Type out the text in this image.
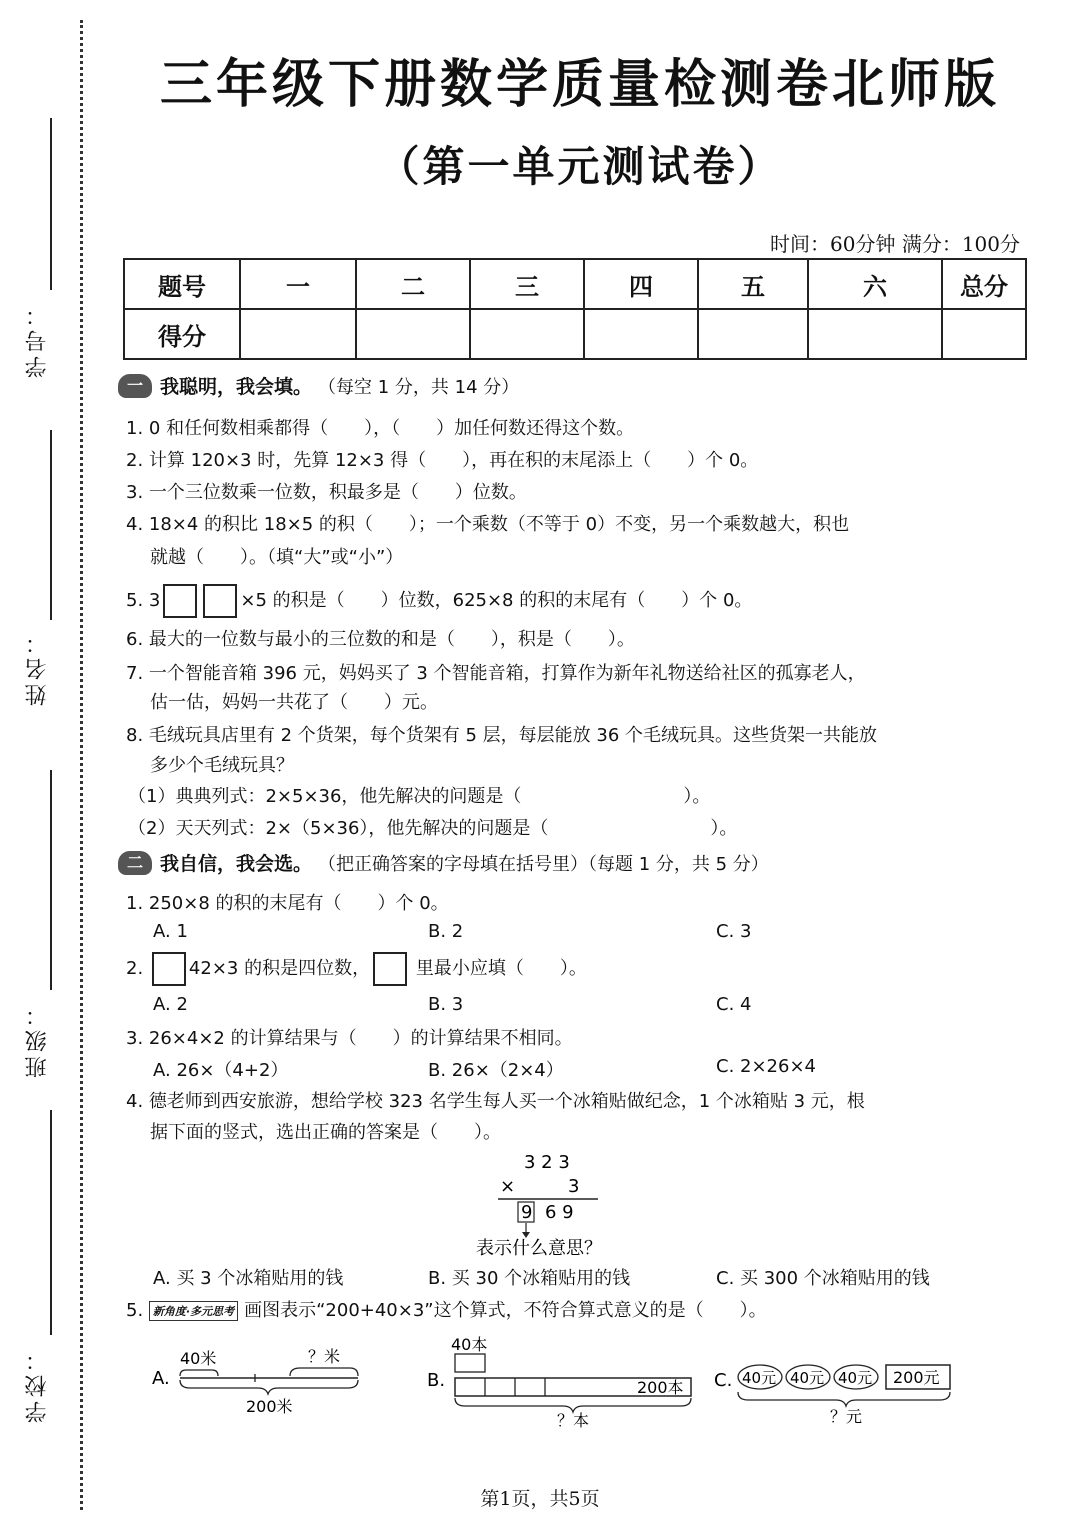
学号：
姓名：
班级：
学校：
三年级下册数学质量检测卷北师版
（第一单元测试卷）
时间：60分钟 满分：100分
题号	一	二	三	四	五	六	总分
得分							
一 我聪明，我会填。 （每空 1 分，共 14 分）
1. 0 和任何数相乘都得（　　），（　　）加任何数还得这个数。
2. 计算 120×3 时，先算 12×3 得（　　），再在积的末尾添上（　　）个 0。
3. 一个三位数乘一位数，积最多是（　　）位数。
4. 18×4 的积比 18×5 的积（　　）；一个乘数（不等于 0）不变，另一个乘数越大，积也
就越（　　）。（填“大”或“小”）
5. 3	×5 的积是（　　）位数，625×8 的积的末尾有（　　）个 0。
6. 最大的一位数与最小的三位数的和是（　　），积是（　　）。
7. 一个智能音箱 396 元，妈妈买了 3 个智能音箱，打算作为新年礼物送给社区的孤寡老人，
估一估，妈妈一共花了（　　）元。
8. 毛绒玩具店里有 2 个货架，每个货架有 5 层，每层能放 36 个毛绒玩具。这些货架一共能放
多少个毛绒玩具？
（1）典典列式：2×5×36，他先解决的问题是（　　　　　　　　　）。
（2）天天列式：2×（5×36），他先解决的问题是（　　　　　　　　　）。
二 我自信，我会选。 （把正确答案的字母填在括号里）（每题 1 分，共 5 分）
1. 250×8 的积的末尾有（　　）个 0。
A. 1	B. 2	C. 3
2.	42×3 的积是四位数，	里最小应填（　　）。
A. 2	B. 3	C. 4
3. 26×4×2 的计算结果与（　　）的计算结果不相同。
A. 26×（4+2）	B. 26×（2×4）	C. 2×26×4
4. 德老师到西安旅游，想给学校 323 名学生每人买一个冰箱贴做纪念，1 个冰箱贴 3 元，根
据下面的竖式，选出正确的答案是（　　）。
3 2 3
×	3
9 6 9
表示什么意思？
A. 买 3 个冰箱贴用的钱	B. 买 30 个冰箱贴用的钱	C. 买 300 个冰箱贴用的钱
5. 新角度·多元思考 画图表示“200+40×3”这个算式，不符合算式意义的是（　　）。
A.
40米	？米
200米
B.
40本
200本
？本
C. 40元 40元 40元 200元
？元
第1页，共5页
